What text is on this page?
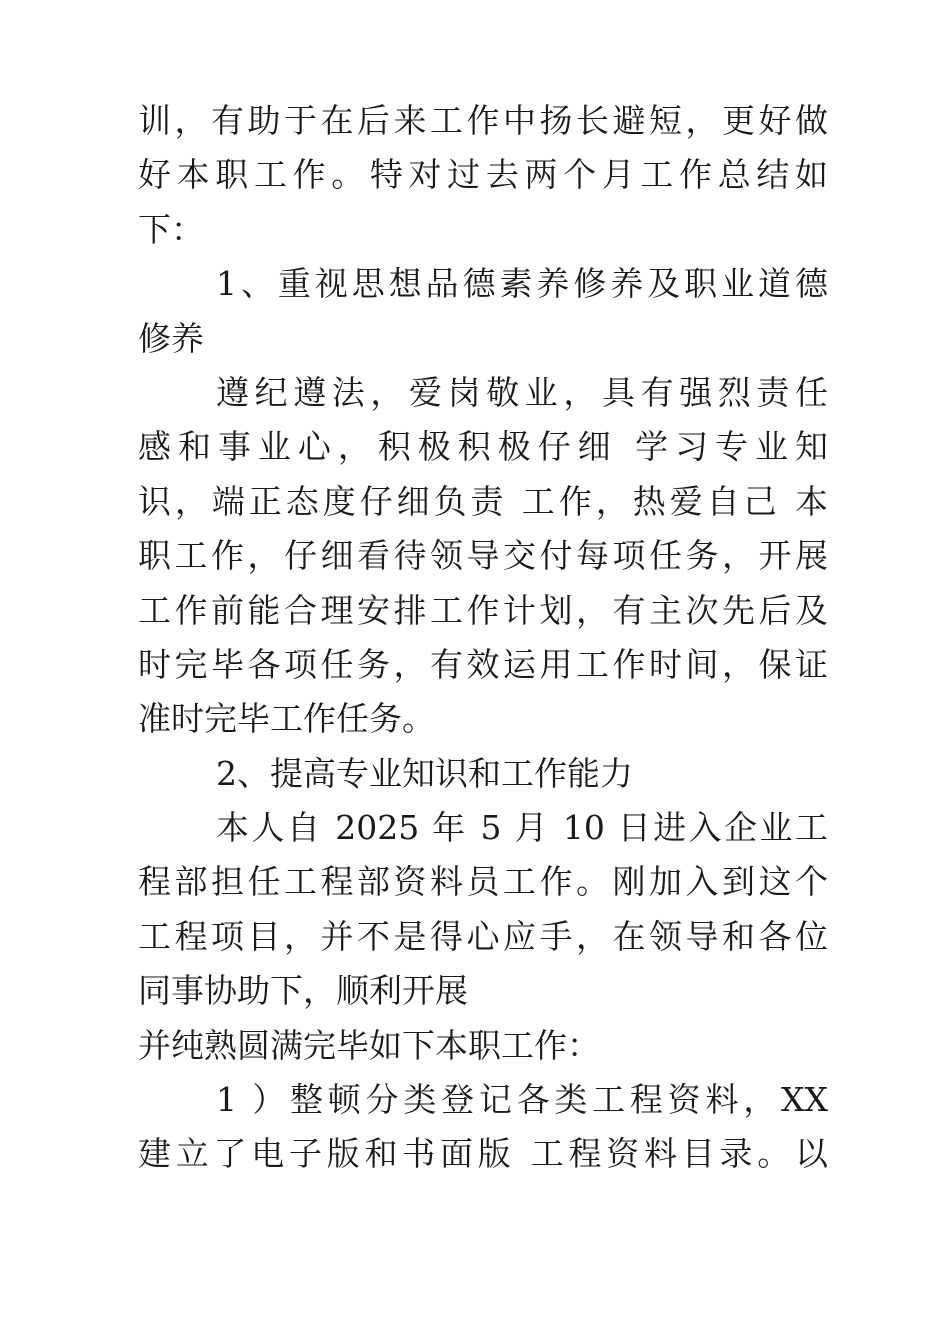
训，有助于在后来工作中扬长避短，更好做
好本职工作。特对过去两个月工作总结如
下：
1、重视思想品德素养修养及职业道德
修养
遵纪遵法，爱岗敬业，具有强烈责任
感和事业心，积极积极仔细 学习专业知
识，端正态度仔细负责 工作，热爱自己 本
职工作，仔细看待领导交付每项任务，开展
工作前能合理安排工作计划，有主次先后及
时完毕各项任务，有效运用工作时间，保证
准时完毕工作任务。
2、提高专业知识和工作能力
本人自 2025 年 5 月 10 日进入企业工
程部担任工程部资料员工作。刚加入到这个
工程项目，并不是得心应手，在领导和各位
同事协助下，顺利开展
并纯熟圆满完毕如下本职工作：
1 ）整顿分类登记各类工程资料，XX
建立了电子版和书面版 工程资料目录。以
